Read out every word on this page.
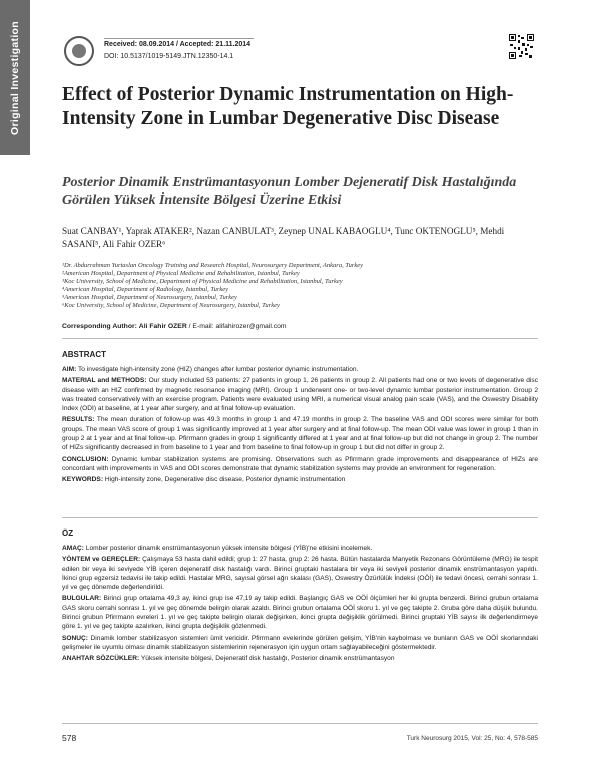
Original Investigation	Received: 08.09.2014 / Accepted: 21.11.2014
DOI: 10.5137/1019-5149.JTN.12350-14.1
Effect of Posterior Dynamic Instrumentation on High-Intensity Zone in Lumbar Degenerative Disc Disease
Posterior Dinamik Enstrümantasyonun Lomber Dejeneratif Disk Hastalığında Görülen Yüksek İntensite Bölgesi Üzerine Etkisi
Suat CANBAY¹, Yaprak ATAKER², Nazan CANBULAT³, Zeynep UNAL KABAOGLU⁴, Tunc OKTENOGLU⁵, Mehdi SASANI⁵, Ali Fahir OZER⁶
¹Dr. Abdurrahman Yurtaslan Oncology Training and Research Hospital, Neurosurgery Department, Ankara, Turkey
²American Hospital, Department of Physical Medicine and Rehabilitation, Istanbul, Turkey
³Koc University, School of Medicine, Department of Physical Medicine and Rehabilitation, Istanbul, Turkey
⁴American Hospital, Department of Radiology, Istanbul, Turkey
⁵American Hospital, Department of Neurosurgery, Istanbul, Turkey
⁶Koc University, School of Medicine, Department of Neurosurgery, Istanbul, Turkey
Corresponding Author: Ali Fahir OZER / E-mail: alifahirozer@gmail.com
ABSTRACT

AIM: To investigate high-intensity zone (HIZ) changes after lumbar posterior dynamic instrumentation.

MATERIAL and METHODS: Our study included 53 patients: 27 patients in group 1, 26 patients in group 2. All patients had one or two levels of degenerative disc disease with an HIZ confirmed by magnetic resonance imaging (MRI). Group 1 underwent one- or two-level dynamic lumbar posterior instrumentation. Group 2 was treated conservatively with an exercise program. Patients were evaluated using MRI, a numerical visual analog pain scale (VAS), and the Oswestry Disability Index (ODI) at baseline, at 1 year after surgery, and at final follow-up evaluation.

RESULTS: The mean duration of follow-up was 49.3 months in group 1 and 47.19 months in group 2. The baseline VAS and ODI scores were similar for both groups. The mean VAS score of group 1 was significantly improved at 1 year after surgery and at final follow-up. The mean ODI value was lower in group 1 than in group 2 at 1 year and at final follow-up. Pfirrmann grades in group 1 significantly differed at 1 year and at final follow-up but did not change in group 2. The number of HIZs significantly decreased in from baseline to 1 year and from baseline to final follow-up in group 1 but did not differ in group 2.

CONCLUSION: Dynamic lumbar stabilization systems are promising. Observations such as Pfirrmann grade improvements and disappearance of HIZs are concordant with improvements in VAS and ODI scores demonstrate that dynamic stabilization systems may provide an environment for regeneration.

KEYWORDS: High-intensity zone, Degenerative disc disease, Posterior dynamic instrumentation

ÖZ

AMAÇ: Lomber posterior dinamik enstrümantasyonun yüksek intensite bölgesi (YİB)'ne etkisini incelemek.

YÖNTEM ve GEREÇLER: Çalışmaya 53 hasta dahil edildi; grup 1: 27 hasta, grup 2: 26 hasta. Bütün hastalarda Manyetik Rezonans Görüntüleme (MRG) ile tespit edilen bir veya iki seviyede YİB içeren dejeneratif disk hastalığı vardı. Birinci gruptaki hastalara bir veya iki seviyeli posterior dinamik enstrümantasyon yapıldı. İkinci grup egzersiz tedavisi ile takip edildi. Hastalar MRG, sayısal görsel ağrı skalası (GAS), Oswestry Özürlülük İndeksi (OÖİ) ile tedavi öncesi, cerrahi sonrası 1. yıl ve geç dönemde değerlendirildi.

BULGULAR: Birinci grup ortalama 49,3 ay, ikinci grup ise 47,19 ay takip edildi. Başlangıç GAS ve OÖİ ölçümleri her iki grupta benzerdi. Birinci grubun ortalama GAS skoru cerrahi sonrası 1. yıl ve geç dönemde belirgin olarak azaldı. Birinci grubun ortalama OÖİ skoru 1. yıl ve geç takipte 2. Gruba göre daha düşük bulundu. Birinci grubun Pfirrmann evreleri 1. yıl ve geç takipte belirgin olarak değişirken, ikinci grupta değişiklik görülmedi. Birinci gruptaki YİB sayısı ilk değerlendirmeye göre 1. yıl ve geç takipte azalırken, ikinci grupta değişiklik gözlenmedi.

SONUÇ: Dinamik lomber stabilizasyon sistemleri ümit vericidir. Pfirrmann evelerinde görülen gelişim, YİB'nin kaybolması ve bunların GAS ve OÖİ skorlarındaki gelişmeler ile uyumlu olması dinamik stabilizasyon sistemlerinin rejenerasyon için uygun ortam sağlayabileceğini göstermektedir.

ANAHTAR SÖZCÜKLER: Yüksek intensite bölgesi, Dejeneratif disk hastalığı, Posterior dinamik enstrümantasyon

578	Turk Neurosurg 2015, Vol: 25, No: 4, 578-585
